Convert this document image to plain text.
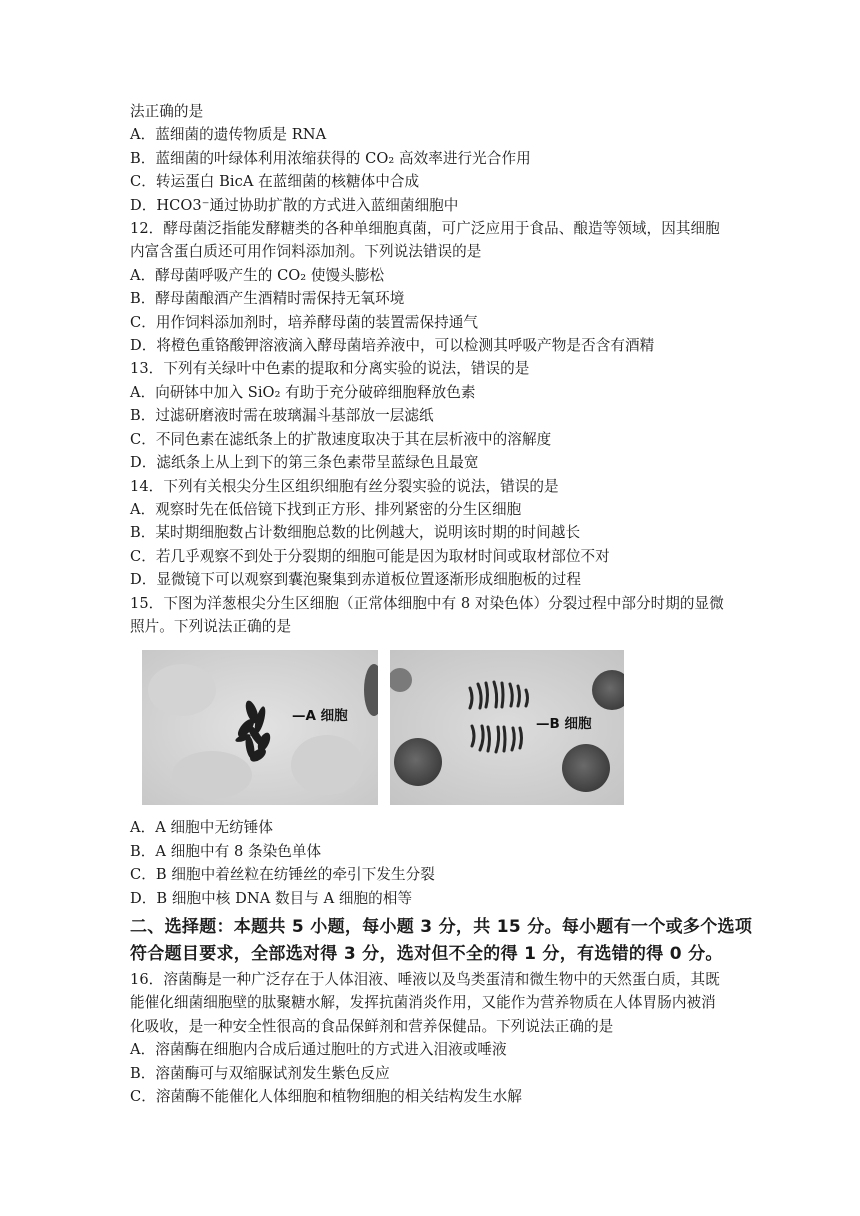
法正确的是
A．蓝细菌的遗传物质是 RNA
B．蓝细菌的叶绿体利用浓缩获得的 CO₂ 高效率进行光合作用
C．转运蛋白 BicA 在蓝细菌的核糖体中合成
D．HCO3⁻通过协助扩散的方式进入蓝细菌细胞中
12．酵母菌泛指能发酵糖类的各种单细胞真菌，可广泛应用于食品、酿造等领域，因其细胞
内富含蛋白质还可用作饲料添加剂。下列说法错误的是
A．酵母菌呼吸产生的 CO₂ 使馒头膨松
B．酵母菌酿酒产生酒精时需保持无氧环境
C．用作饲料添加剂时，培养酵母菌的装置需保持通气
D．将橙色重铬酸钾溶液滴入酵母菌培养液中，可以检测其呼吸产物是否含有酒精
13．下列有关绿叶中色素的提取和分离实验的说法，错误的是
A．向研钵中加入 SiO₂ 有助于充分破碎细胞释放色素
B．过滤研磨液时需在玻璃漏斗基部放一层滤纸
C．不同色素在滤纸条上的扩散速度取决于其在层析液中的溶解度
D．滤纸条上从上到下的第三条色素带呈蓝绿色且最宽
14．下列有关根尖分生区组织细胞有丝分裂实验的说法，错误的是
A．观察时先在低倍镜下找到正方形、排列紧密的分生区细胞
B．某时期细胞数占计数细胞总数的比例越大，说明该时期的时间越长
C．若几乎观察不到处于分裂期的细胞可能是因为取材时间或取材部位不对
D．显微镜下可以观察到囊泡聚集到赤道板位置逐渐形成细胞板的过程
15．下图为洋葱根尖分生区细胞（正常体细胞中有 8 对染色体）分裂过程中部分时期的显微
照片。下列说法正确的是
—A 细胞	—B 细胞
A．A 细胞中无纺锤体
B．A 细胞中有 8 条染色单体
C．B 细胞中着丝粒在纺锤丝的牵引下发生分裂
D．B 细胞中核 DNA 数目与 A 细胞的相等
二、选择题：本题共 5 小题，每小题 3 分，共 15 分。每小题有一个或多个选项符合题目要求，全部选对得 3 分，选对但不全的得 1 分，有选错的得 0 分。
16．溶菌酶是一种广泛存在于人体泪液、唾液以及鸟类蛋清和微生物中的天然蛋白质，其既
能催化细菌细胞壁的肽聚糖水解，发挥抗菌消炎作用，又能作为营养物质在人体胃肠内被消
化吸收，是一种安全性很高的食品保鲜剂和营养保健品。下列说法正确的是
A．溶菌酶在细胞内合成后通过胞吐的方式进入泪液或唾液
B．溶菌酶可与双缩脲试剂发生紫色反应
C．溶菌酶不能催化人体细胞和植物细胞的相关结构发生水解
